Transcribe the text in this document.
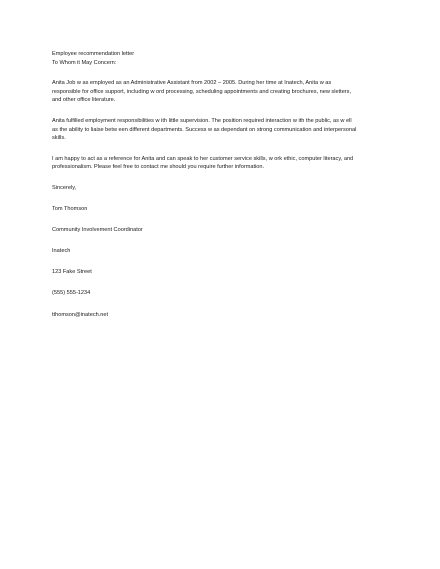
Employee recommendation letter
To Whom it May Concern:
Anita Job w as employed as an Administrative Assistant from 2002 – 2005. During her time at Inatech, Anita w as
responsible for office support, including w ord processing, scheduling appointments and creating brochures, new sletters,
and other office literature.
Anita fulfilled employment responsibilities w ith little supervision. The position required interaction w ith the public, as w ell
as the ability to liaise betw een different departments. Success w as dependant on strong communication and interpersonal
skills.
I am happy to act as a reference for Anita and can speak to her customer service skills, w ork ethic, computer literacy, and
professionalism. Please feel free to contact me should you require further information.
Sincerely,
Tom Thomson
Community Involvement Coordinator
Inatech
123 Fake Street
(555) 555-1234
tthomson@inatech.net
